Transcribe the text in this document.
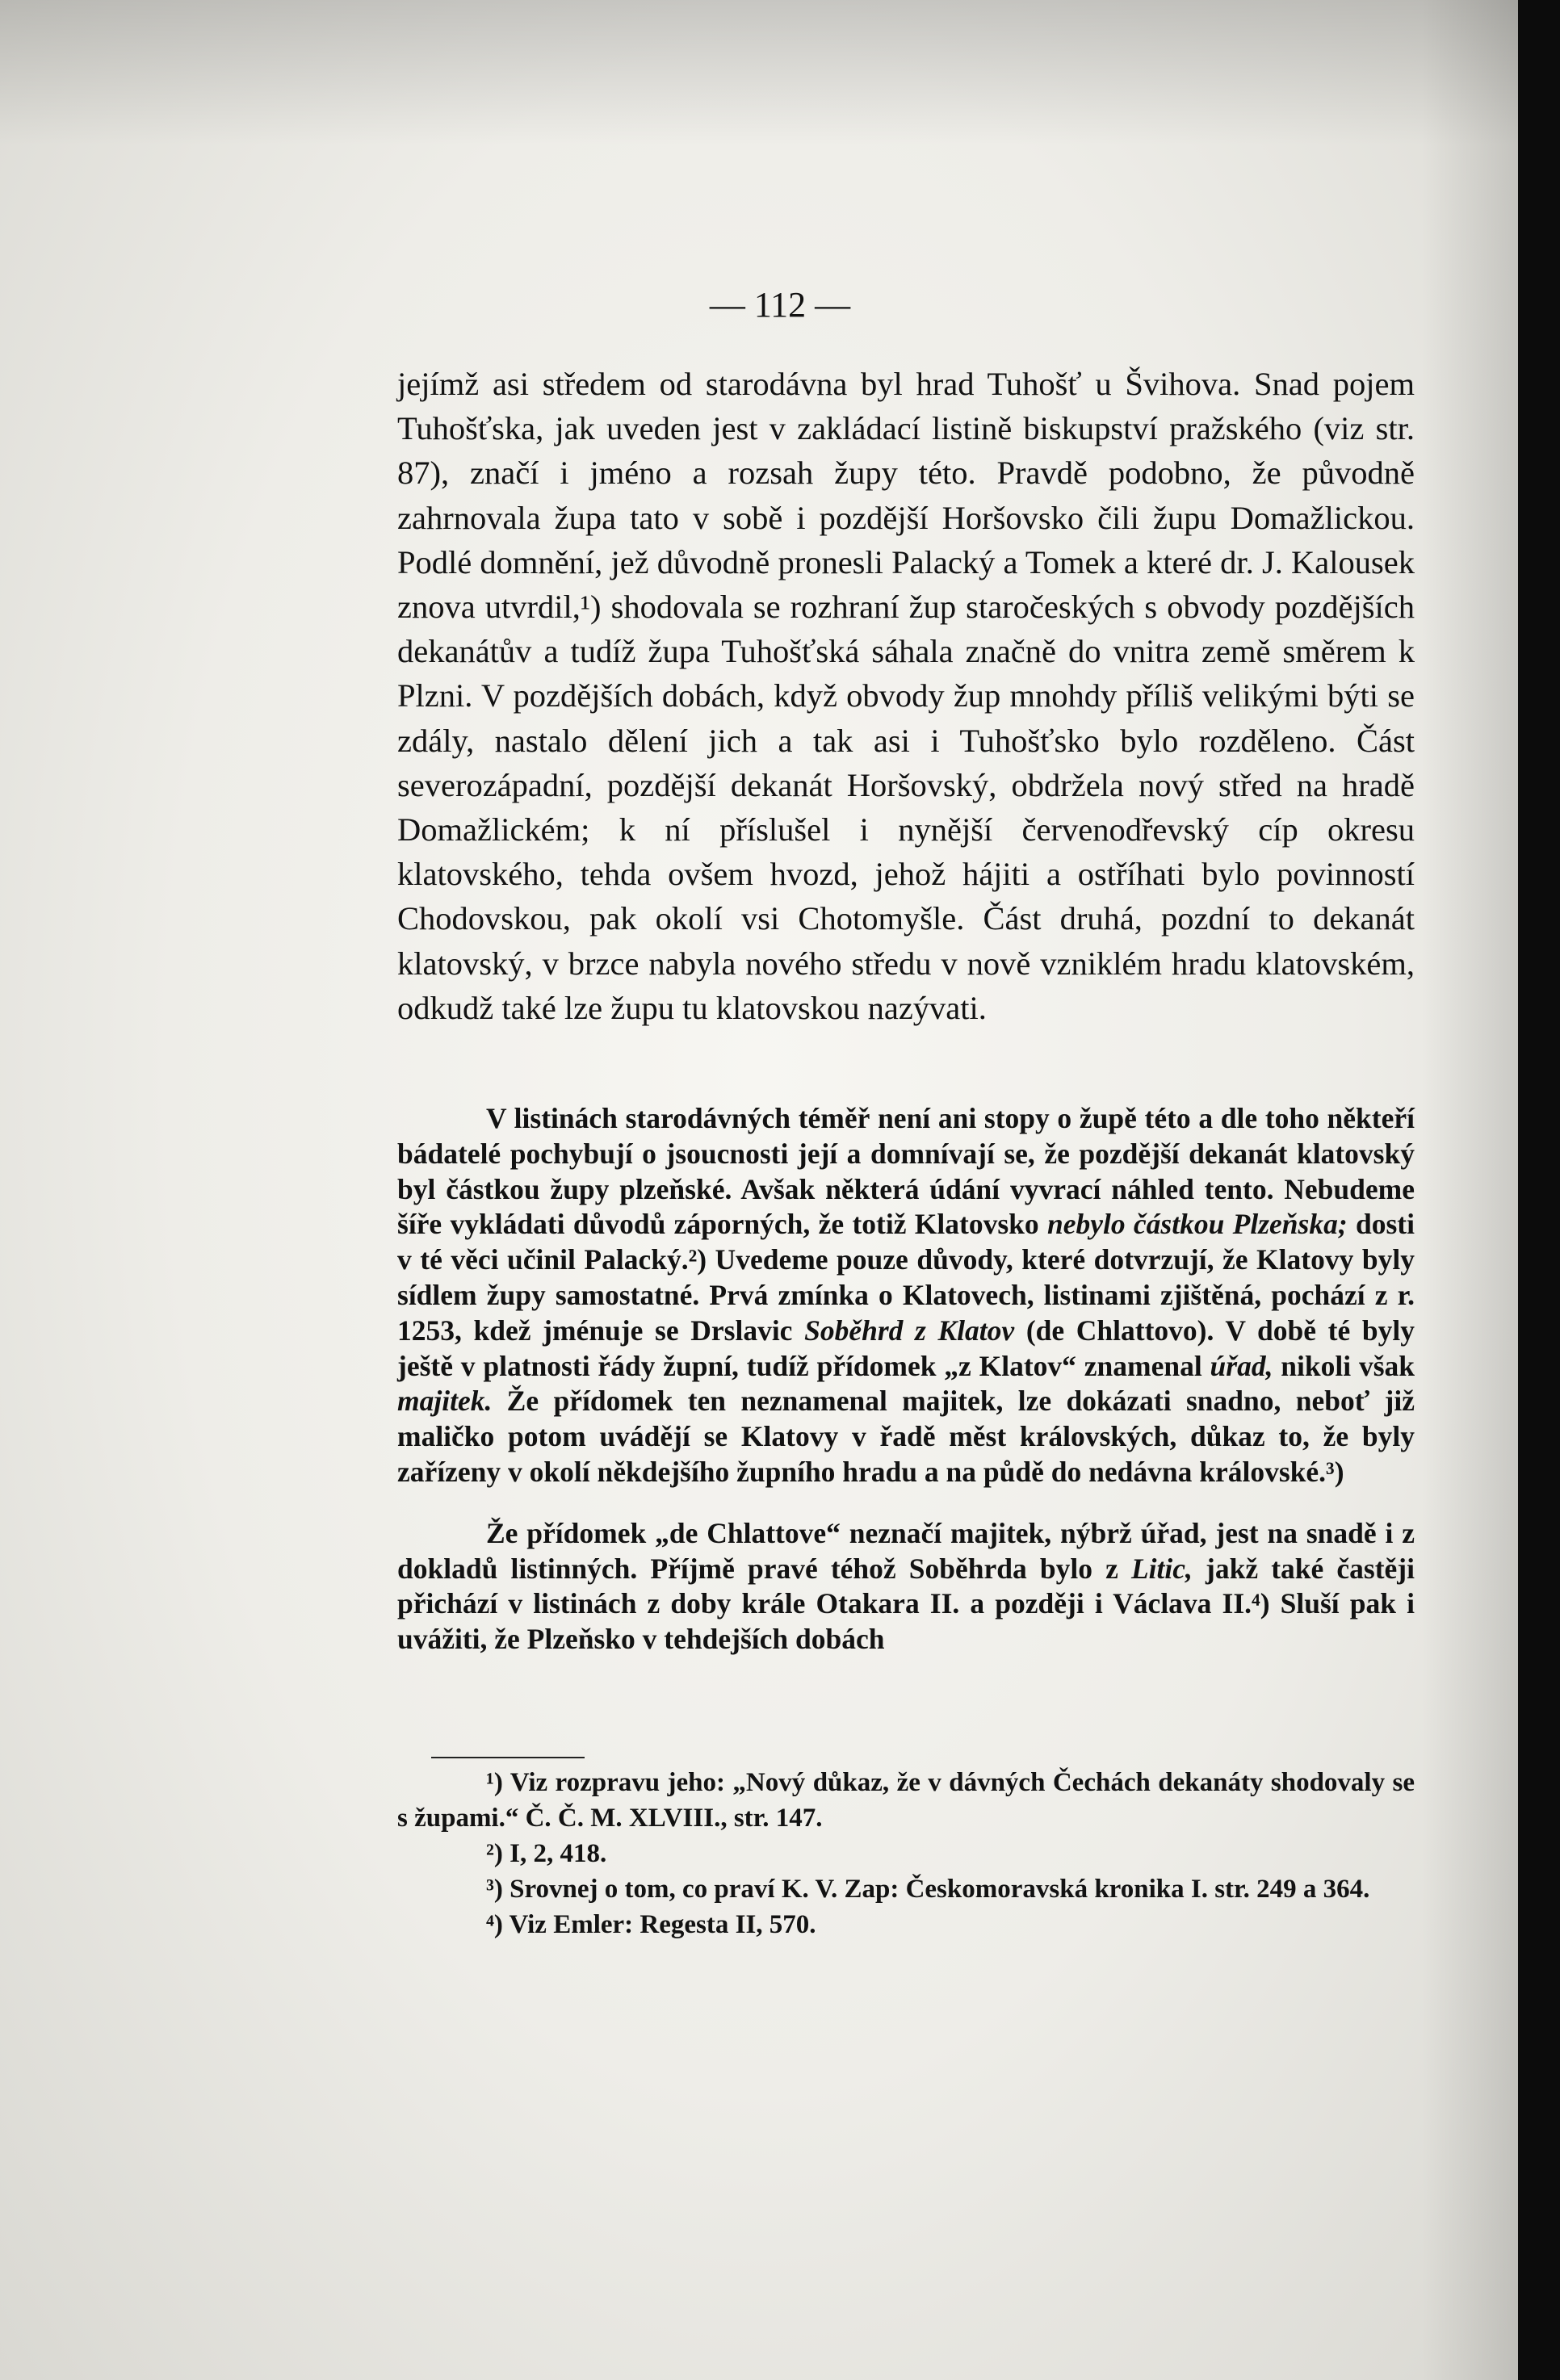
— 112 —

jejímž asi středem od starodávna byl hrad Tuhošť u Švihova. Snad pojem Tuhošťska, jak uveden jest v zakládací listině biskupství pražského (viz str. 87), značí i jméno a rozsah župy této. Pravdě podobno, že původně zahrnovala župa tato v sobě i pozdější Horšovsko čili župu Domažlickou. Podlé domnění, jež důvodně pronesli Palacký a Tomek a které dr. J. Kalousek znova utvrdil,¹) shodovala se rozhraní žup staročeských s obvody pozdějších dekanátův a tudíž župa Tuhošťská sáhala značně do vnitra země směrem k Plzni. V pozdějších dobách, když obvody žup mnohdy příliš velikými býti se zdály, nastalo dělení jich a tak asi i Tuhošťsko bylo rozděleno. Část severozápadní, pozdější dekanát Horšovský, obdržela nový střed na hradě Domažlickém; k ní příslušel i nynější červenodřevský cíp okresu klatovského, tehda ovšem hvozd, jehož hájiti a ostříhati bylo povinností Chodovskou, pak okolí vsi Chotomyšle. Část druhá, pozdní to dekanát klatovský, v brzce nabyla nového středu v nově vzniklém hradu klatovském, odkudž také lze župu tu klatovskou nazývati.

V listinách starodávných téměř není ani stopy o župě této a dle toho někteří bádatelé pochybují o jsoucnosti její a domnívají se, že pozdější dekanát klatovský byl částkou župy plzeňské. Avšak některá údání vyvrací náhled tento. Nebudeme šíře vykládati důvodů záporných, že totiž Klatovsko nebylo částkou Plzeňska; dosti v té věci učinil Palacký.²) Uvedeme pouze důvody, které dotvrzují, že Klatovy byly sídlem župy samostatné. Prvá zmínka o Klatovech, listinami zjištěná, pochází z r. 1253, kdež jménuje se Drslavic Soběhrd z Klatov (de Chlattovo). V době té byly ještě v platnosti řády župní, tudíž přídomek „z Klatov“ znamenal úřad, nikoli však majitek. Že přídomek ten neznamenal majitek, lze dokázati snadno, neboť již maličko potom uvádějí se Klatovy v řadě měst královských, důkaz to, že byly zařízeny v okolí někdejšího župního hradu a na půdě do nedávna královské.³)

Že přídomek „de Chlattove“ neznačí majitek, nýbrž úřad, jest na snadě i z dokladů listinných. Příjmě pravé téhož Soběhrda bylo z Litic, jakž také častěji přichází v listinách z doby krále Otakara II. a později i Václava II.⁴) Sluší pak i uvážiti, že Plzeňsko v tehdejších dobách

¹) Viz rozpravu jeho: „Nový důkaz, že v dávných Čechách dekanáty shodovaly se s župami.“ Č. Č. M. XLVIII., str. 147.

²) I, 2, 418.

³) Srovnej o tom, co praví K. V. Zap: Českomoravská kronika I. str. 249 a 364.

⁴) Viz Emler: Regesta II, 570.
